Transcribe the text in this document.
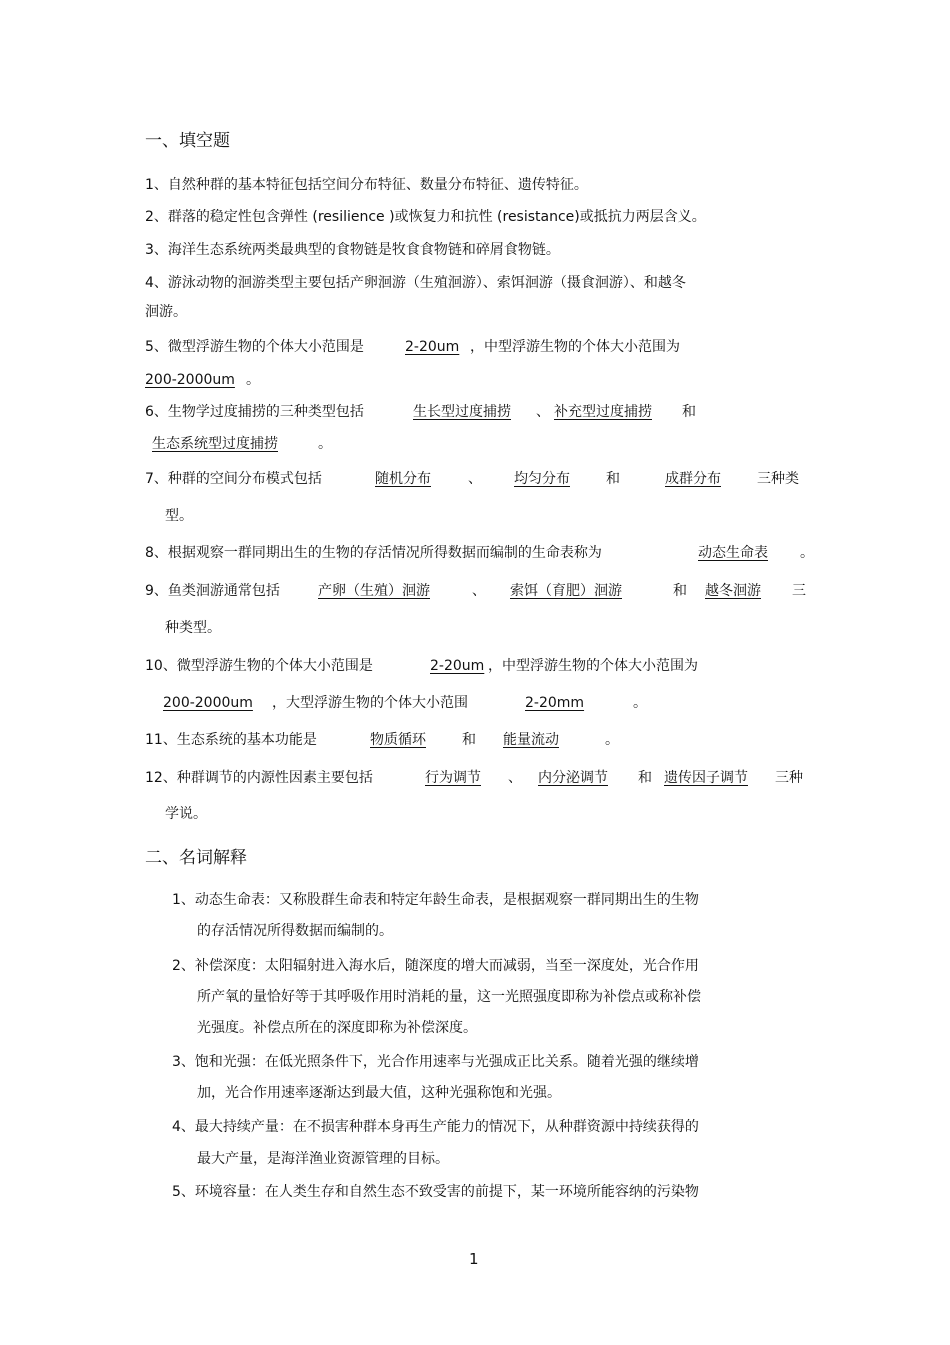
一、填空题
1、自然种群的基本特征包括空间分布特征、数量分布特征、遗传特征。
2、群落的稳定性包含弹性 (resilience )或恢复力和抗性 (resistance)或抵抗力两层含义。
3、海洋生态系统两类最典型的食物链是牧食食物链和碎屑食物链。
4、游泳动物的洄游类型主要包括产卵洄游（生殖洄游）、索饵洄游（摄食洄游）、和越冬
洄游。
5、微型浮游生物的个体大小范围是	2-20um ，中型浮游生物的个体大小范围为
200-2000um 。
6、生物学过度捕捞的三种类型包括	生长型过度捕捞 、 补充型过度捕捞 和
生态系统型过度捕捞	。
7、种群的空间分布模式包括	随机分布	、 均匀分布	和	成群分布	三种类
型。
8、根据观察一群同期出生的生物的存活情况所得数据而编制的生命表称为	动态生命表 。
9、鱼类洄游通常包括	产卵（生殖）洄游	、 索饵（育肥）洄游	和 越冬洄游 三
种类型。
10、微型浮游生物的个体大小范围是	2-20um ，中型浮游生物的个体大小范围为
200-2000um ，大型浮游生物的个体大小范围	2-20mm	。
11、生态系统的基本功能是	物质循环	和 能量流动	。
12、种群调节的内源性因素主要包括	行为调节 、 内分泌调节 和 遗传因子调节 三种
学说。
二、名词解释
1、动态生命表：又称股群生命表和特定年龄生命表，是根据观察一群同期出生的生物
的存活情况所得数据而编制的。
2、补偿深度：太阳辐射进入海水后，随深度的增大而减弱，当至一深度处，光合作用
所产氧的量恰好等于其呼吸作用时消耗的量，这一光照强度即称为补偿点或称补偿
光强度。补偿点所在的深度即称为补偿深度。
3、饱和光强：在低光照条件下，光合作用速率与光强成正比关系。随着光强的继续增
加，光合作用速率逐渐达到最大值，这种光强称饱和光强。
4、最大持续产量：在不损害种群本身再生产能力的情况下，从种群资源中持续获得的
最大产量，是海洋渔业资源管理的目标。
5、环境容量：在人类生存和自然生态不致受害的前提下，某一环境所能容纳的污染物
1
